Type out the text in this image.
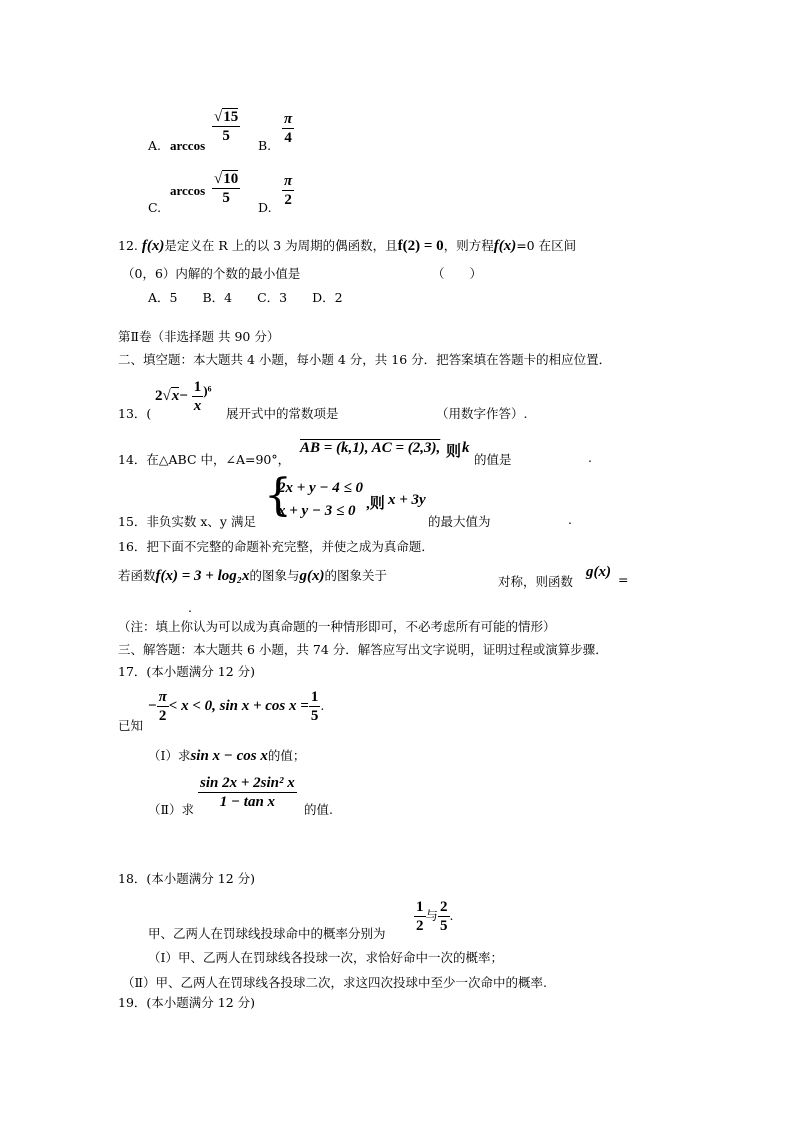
A. arccos
$\frac{√15}{5}$
B. $\frac{\pi}{4}$
C.
$\arccos \frac{√10}{5}$
D. $\frac{\pi}{2}$
12. f(x)是定义在 R 上的以 3 为周期的偶函数，且f(2) = 0，则方程f(x)=0 在区间
（0，6）内解的个数的最小值是	（　　）
A．5　　B．4　　C．3　　D．2
第Ⅱ卷（非选择题 共 90 分）
二、填空题：本大题共 4 小题，每小题 4 分，共 16 分．把答案填在答题卡的相应位置．
13．(
$2√x- \frac{1}{x} )^6$
展开式中的常数项是	（用数字作答）.
14．在△ABC 中，∠A=90°，
AB = (k,1), AC = (2,3), 则 k
的值是	.
15．非负实数 x、y 满足
{
2x + y − 4 ≤ 0
x + y − 3 ≤ 0 ,则 x + 3y
的最大值为	.
16．把下面不完整的命题补充完整，并使之成为真命题．
若函数f(x) = 3 + log₂x的图象与g(x)的图象关于	对称，则函数
g(x) =
.
（注：填上你认为可以成为真命题的一种情形即可，不必考虑所有可能的情形）
三、解答题：本大题共 6 小题，共 74 分．解答应写出文字说明，证明过程或演算步骤．
17．(本小题满分 12 分)
已知
− $\frac{\pi}{2} < x < 0$, $\sin x + \cos x = \frac{1}{5}$ .
（Ⅰ）求sin x − cos x的值；
（Ⅱ）求 $\frac{\text{sin 2x + 2sin² x}}{\text{1 − tan x}}$ 的值.
18．(本小题满分 12 分)
甲、乙两人在罚球线投球命中的概率分别为 $\frac{1}{2}$ 与 $\frac{2}{5}$ .
（Ⅰ）甲、乙两人在罚球线各投球一次，求恰好命中一次的概率；
（Ⅱ）甲、乙两人在罚球线各投球二次，求这四次投球中至少一次命中的概率.
19．(本小题满分 12 分)
